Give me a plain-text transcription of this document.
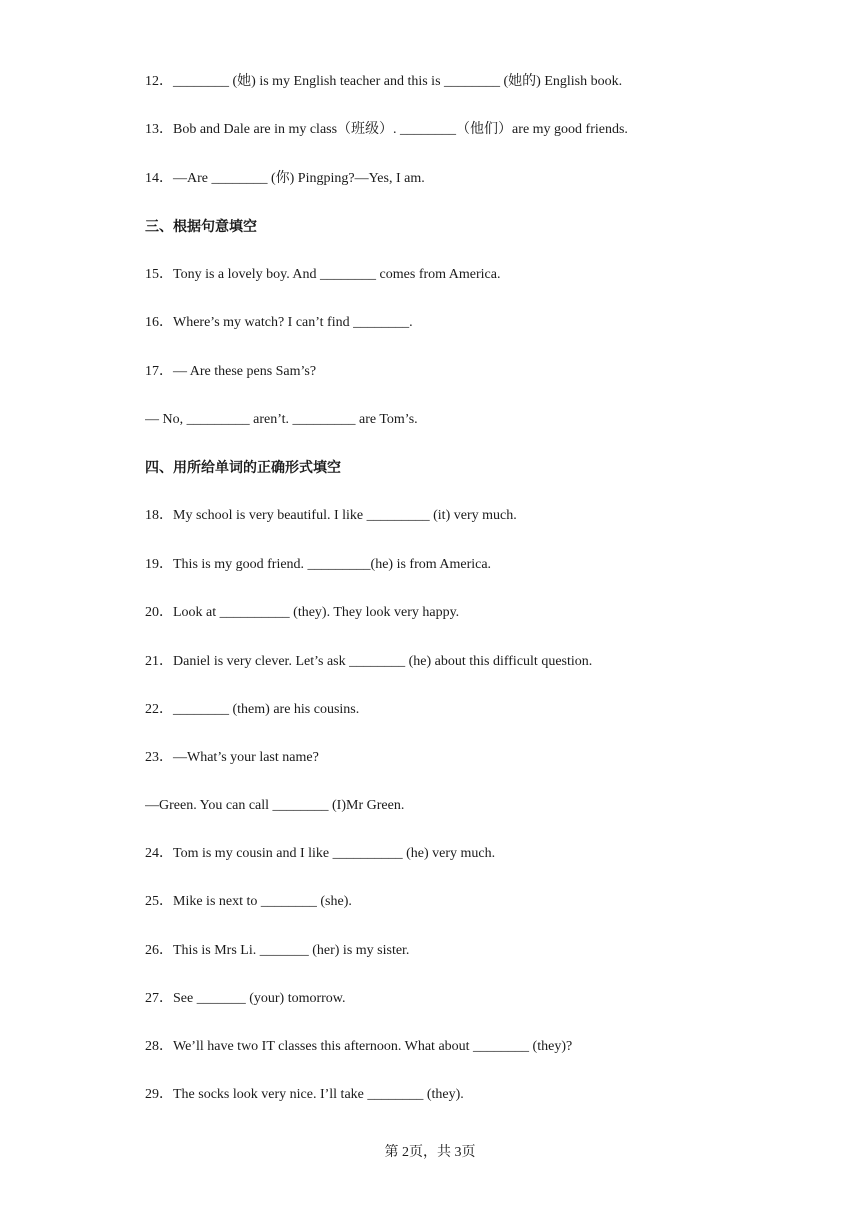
12．________ (她) is my English teacher and this is ________ (她的) English book.
13．Bob and Dale are in my class（班级）. ________（他们）are my good friends.
14．—Are ________ (你) Pingping?—Yes, I am.
三、根据句意填空
15．Tony is a lovely boy. And ________ comes from America.
16．Where’s my watch? I can’t find ________.
17．— Are these pens Sam’s?
— No, _________ aren’t. _________ are Tom’s.
四、用所给单词的正确形式填空
18．My school is very beautiful. I like _________ (it) very much.
19．This is my good friend. _________(he) is from America.
20．Look at __________ (they). They look very happy.
21．Daniel is very clever. Let’s ask ________ (he) about this difficult question.
22．________ (them) are his cousins.
23．—What’s your last name?
—Green. You can call ________ (I)Mr Green.
24．Tom is my cousin and I like __________ (he) very much.
25．Mike is next to ________ (she).
26．This is Mrs Li. _______ (her) is my sister.
27．See _______ (your) tomorrow.
28．We’ll have two IT classes this afternoon. What about ________ (they)?
29．The socks look very nice. I’ll take ________ (they).
第 2页，共 3页
